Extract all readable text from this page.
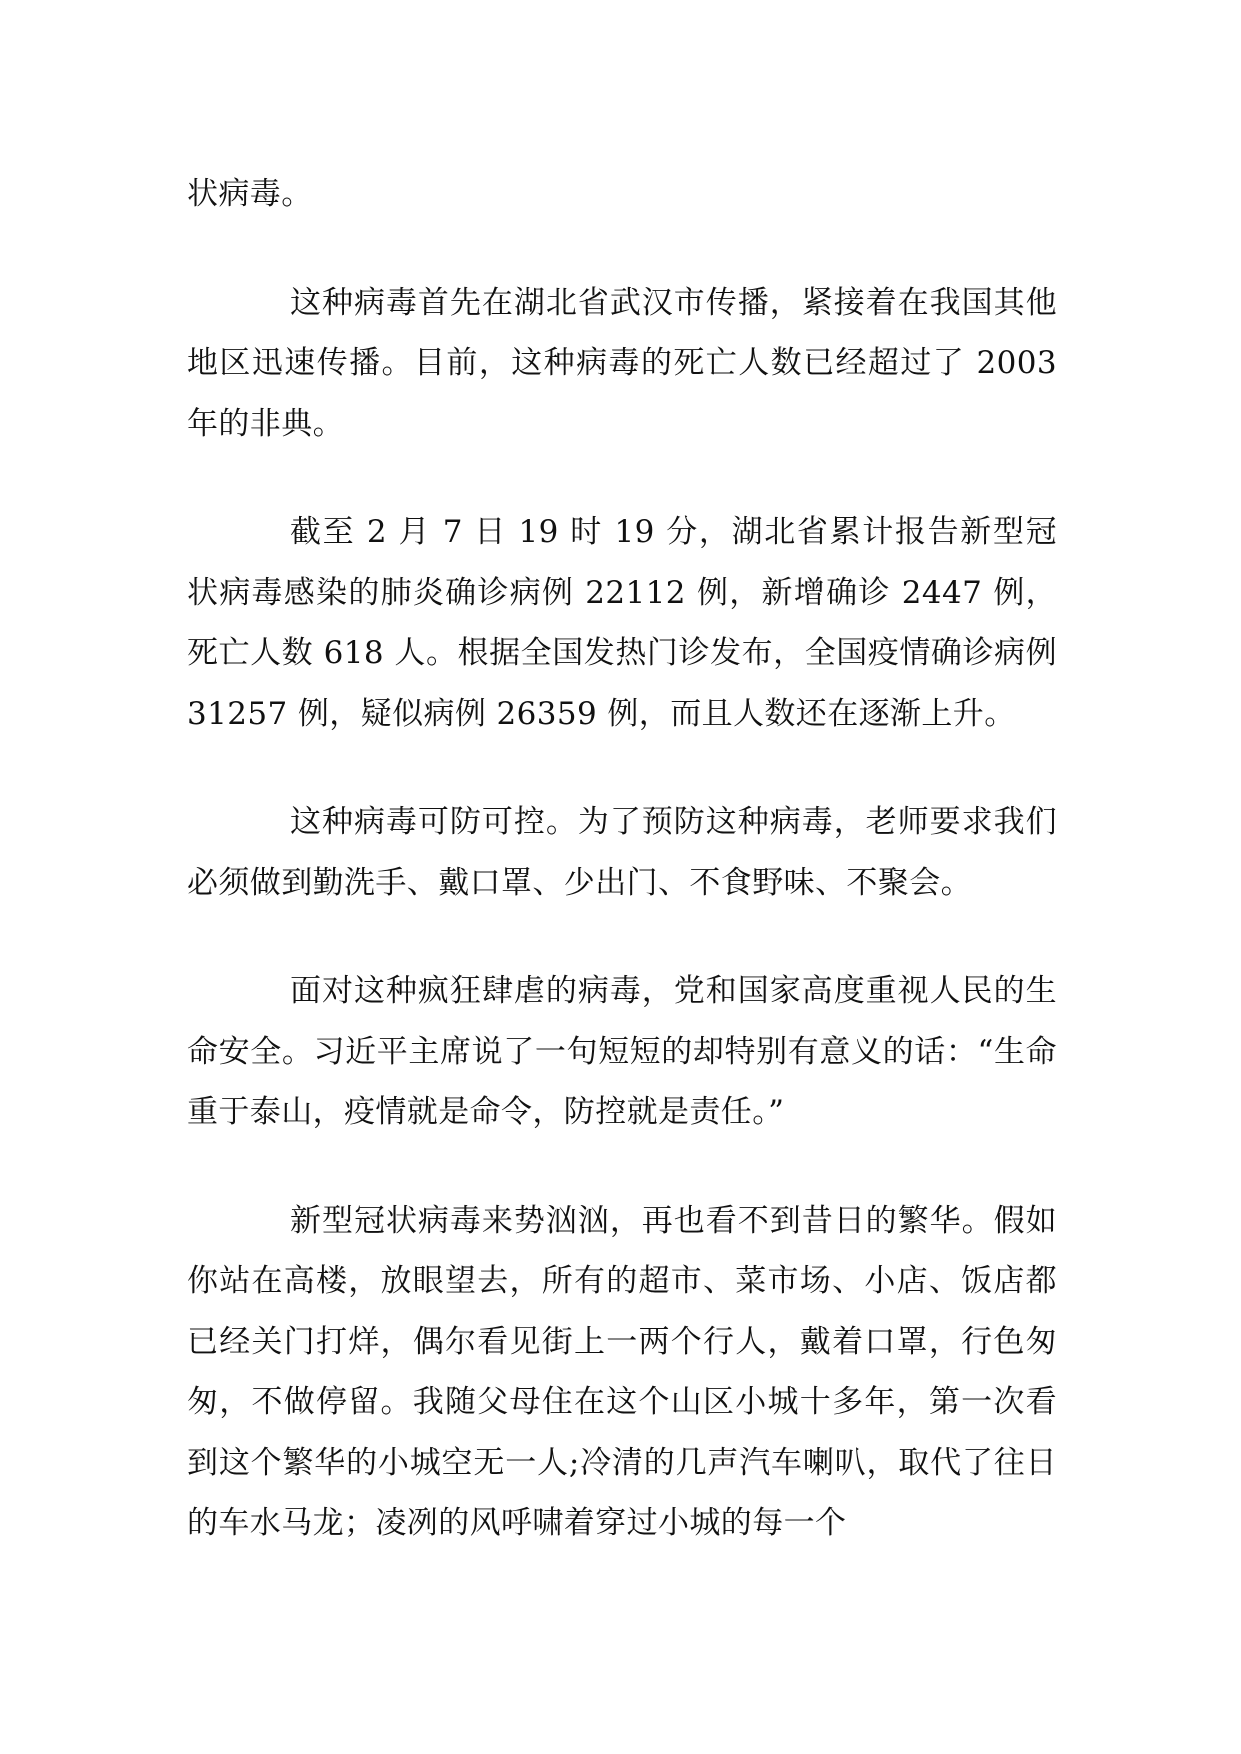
状病毒。

这种病毒首先在湖北省武汉市传播，紧接着在我国其他地区迅速传播。目前，这种病毒的死亡人数已经超过了 2003 年的非典。

截至 2 月 7 日 19 时 19 分，湖北省累计报告新型冠状病毒感染的肺炎确诊病例 22112 例，新增确诊 2447 例，死亡人数 618 人。根据全国发热门诊发布，全国疫情确诊病例 31257 例，疑似病例 26359 例，而且人数还在逐渐上升。

这种病毒可防可控。为了预防这种病毒，老师要求我们必须做到勤洗手、戴口罩、少出门、不食野味、不聚会。

面对这种疯狂肆虐的病毒，党和国家高度重视人民的生命安全。习近平主席说了一句短短的却特别有意义的话：“生命重于泰山，疫情就是命令，防控就是责任。”

新型冠状病毒来势汹汹，再也看不到昔日的繁华。假如你站在高楼，放眼望去，所有的超市、菜市场、小店、饭店都已经关门打烊，偶尔看见街上一两个行人，戴着口罩，行色匆匆，不做停留。我随父母住在这个山区小城十多年，第一次看到这个繁华的小城空无一人;冷清的几声汽车喇叭，取代了往日的车水马龙；凌冽的风呼啸着穿过小城的每一个
